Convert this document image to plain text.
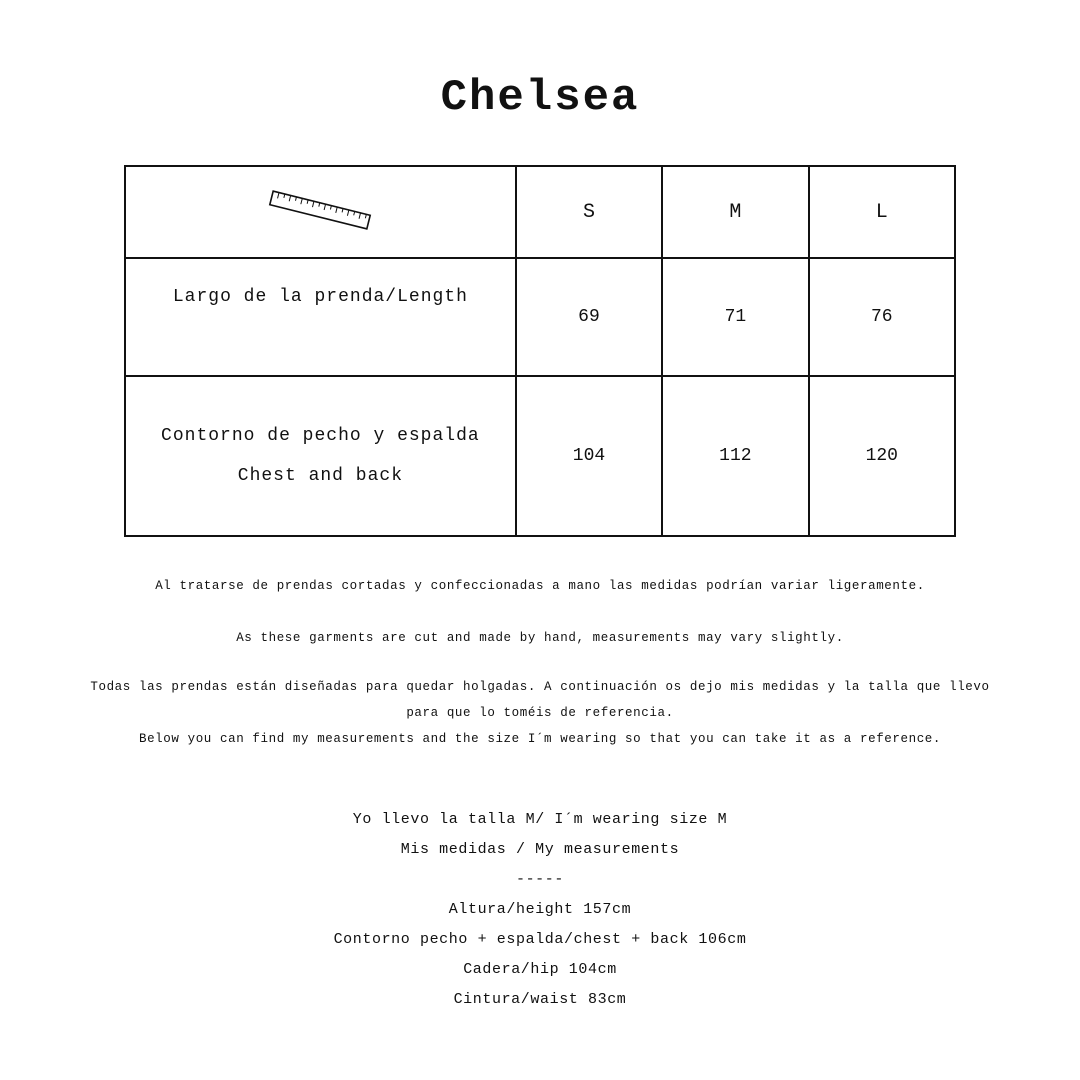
Chelsea
	S	M	L
Largo de la prenda/Length	69	71	76
Contorno de pecho y espalda
Chest and back	104	112	120
Al tratarse de prendas cortadas y confeccionadas a mano las medidas podrían variar ligeramente.
As these garments are cut and made by hand, measurements may vary slightly.
Todas las prendas están diseñadas para quedar holgadas. A continuación os dejo mis medidas y la talla que llevo
para que lo toméis de referencia.
Below you can find my measurements and the size I´m wearing so that you can take it as a reference.
Yo llevo la talla M/ I´m wearing size M
Mis medidas / My measurements
-----
Altura/height 157cm
Contorno pecho + espalda/chest + back 106cm
Cadera/hip 104cm
Cintura/waist 83cm
